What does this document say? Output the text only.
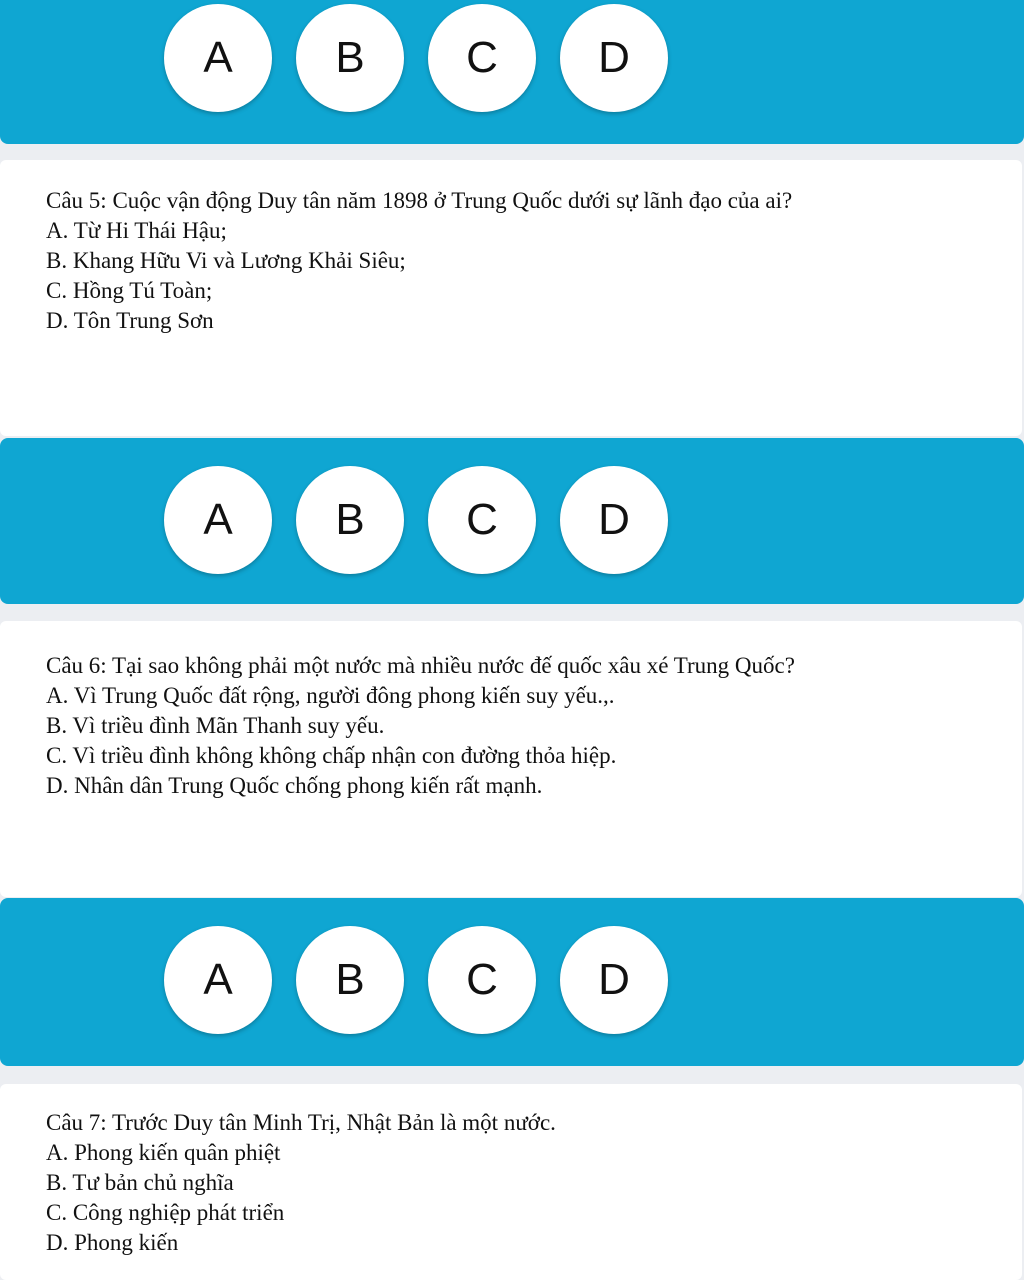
A	B	C	D
Câu 5: Cuộc vận động Duy tân năm 1898 ở Trung Quốc dưới sự lãnh đạo của ai?
A. Từ Hi Thái Hậu;
B. Khang Hữu Vi và Lương Khải Siêu;
C. Hồng Tú Toàn;
D. Tôn Trung Sơn
A	B	C	D
Câu 6: Tại sao không phải một nước mà nhiều nước đế quốc xâu xé Trung Quốc?
A. Vì Trung Quốc đất rộng, người đông phong kiến suy yếu.,.
B. Vì triều đình Mãn Thanh suy yếu.
C. Vì triều đình không không chấp nhận con đường thỏa hiệp.
D. Nhân dân Trung Quốc chống phong kiến rất mạnh.
A	B	C	D
Câu 7: Trước Duy tân Minh Trị, Nhật Bản là một nước.
A. Phong kiến quân phiệt
B. Tư bản chủ nghĩa
C. Công nghiệp phát triển
D. Phong kiến
